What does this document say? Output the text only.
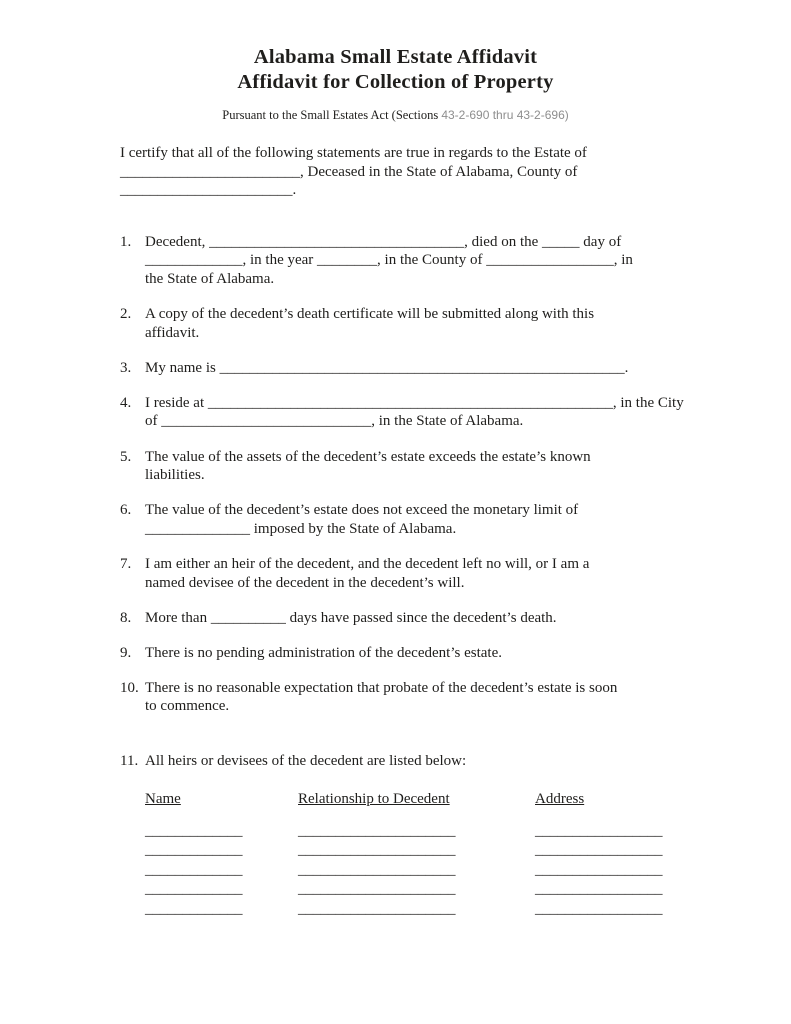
Alabama Small Estate Affidavit
Affidavit for Collection of Property

Pursuant to the Small Estates Act (Sections 43-2-690 thru 43-2-696)

I certify that all of the following statements are true in regards to the Estate of
________________________, Deceased in the State of Alabama, County of
_______________________.
1. Decedent, __________________________________, died on the _____ day of
_____________, in the year ________, in the County of _________________, in
the State of Alabama.
2. A copy of the decedent’s death certificate will be submitted along with this
affidavit.
3. My name is ______________________________________________________.
4. I reside at ______________________________________________________, in the City
of ____________________________, in the State of Alabama.
5. The value of the assets of the decedent’s estate exceeds the estate’s known
liabilities.
6. The value of the decedent’s estate does not exceed the monetary limit of
______________ imposed by the State of Alabama.
7. I am either an heir of the decedent, and the decedent left no will, or I am a
named devisee of the decedent in the decedent’s will.
8. More than __________ days have passed since the decedent’s death.
9. There is no pending administration of the decedent’s estate.
10. There is no reasonable expectation that probate of the decedent’s estate is soon
to commence.
11. All heirs or devisees of the decedent are listed below:
Name	Relationship to Decedent	Address
_____________	_____________________	_________________
_____________	_____________________	_________________
_____________	_____________________	_________________
_____________	_____________________	_________________
_____________	_____________________	_________________
